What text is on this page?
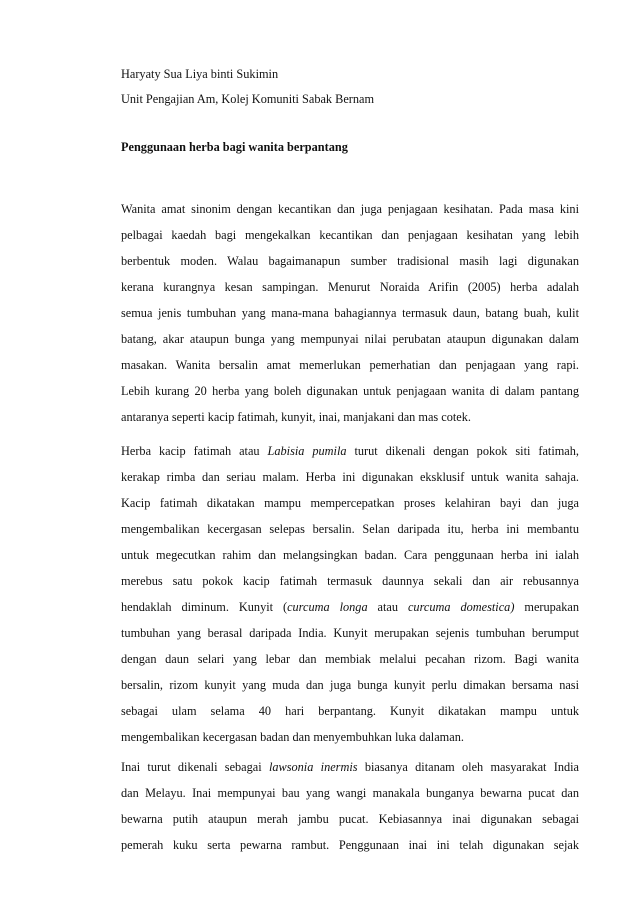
Haryaty Sua Liya binti Sukimin
Unit Pengajian Am, Kolej Komuniti Sabak Bernam
Penggunaan herba bagi wanita berpantang
Wanita amat sinonim dengan kecantikan dan juga penjagaan kesihatan. Pada masa kini
pelbagai kaedah bagi mengekalkan kecantikan dan penjagaan kesihatan yang lebih
berbentuk moden. Walau bagaimanapun sumber tradisional masih lagi digunakan
kerana kurangnya kesan sampingan. Menurut Noraida Arifin (2005) herba adalah
semua jenis tumbuhan yang mana-mana bahagiannya termasuk daun, batang buah, kulit
batang, akar ataupun bunga yang mempunyai nilai perubatan ataupun digunakan dalam
masakan. Wanita bersalin amat memerlukan pemerhatian dan penjagaan yang rapi.
Lebih kurang 20 herba yang boleh digunakan untuk penjagaan wanita di dalam pantang
antaranya seperti kacip fatimah, kunyit, inai, manjakani dan mas cotek.
Herba kacip fatimah atau Labisia pumila turut dikenali dengan pokok siti fatimah,
kerakap rimba dan seriau malam. Herba ini digunakan eksklusif untuk wanita sahaja.
Kacip fatimah dikatakan mampu mempercepatkan proses kelahiran bayi dan juga
mengembalikan kecergasan selepas bersalin. Selan daripada itu, herba ini membantu
untuk megecutkan rahim dan melangsingkan badan. Cara penggunaan herba ini ialah
merebus satu pokok kacip fatimah termasuk daunnya sekali dan air rebusannya
hendaklah diminum. Kunyit (curcuma longa atau curcuma domestica) merupakan
tumbuhan yang berasal daripada India. Kunyit merupakan sejenis tumbuhan berumput
dengan daun selari yang lebar dan membiak melalui pecahan rizom. Bagi wanita
bersalin, rizom kunyit yang muda dan juga bunga kunyit perlu dimakan bersama nasi
sebagai ulam selama 40 hari berpantang. Kunyit dikatakan mampu untuk
mengembalikan kecergasan badan dan menyembuhkan luka dalaman.
Inai turut dikenali sebagai lawsonia inermis biasanya ditanam oleh masyarakat India
dan Melayu. Inai mempunyai bau yang wangi manakala bunganya bewarna pucat dan
bewarna putih ataupun merah jambu pucat. Kebiasannya inai digunakan sebagai
pemerah kuku serta pewarna rambut. Penggunaan inai ini telah digunakan sejak
